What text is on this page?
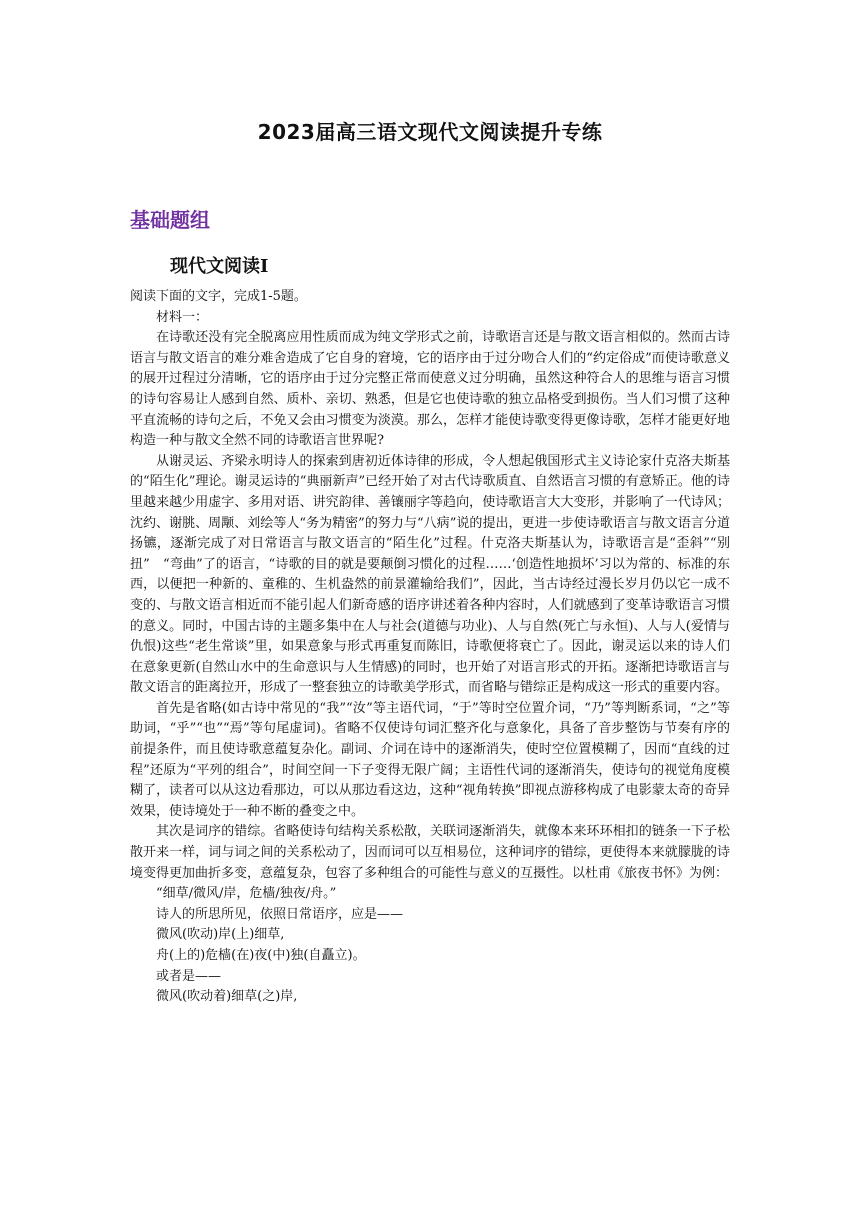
2023届高三语文现代文阅读提升专练
基础题组
现代文阅读Ⅰ

阅读下面的文字，完成1-5题。

材料一：

在诗歌还没有完全脱离应用性质而成为纯文学形式之前，诗歌语言还是与散文语言相似的。然而古诗语言与散文语言的难分难舍造成了它自身的窘境，它的语序由于过分吻合人们的“约定俗成”而使诗歌意义的展开过程过分清晰，它的语序由于过分完整正常而使意义过分明确，虽然这种符合人的思维与语言习惯的诗句容易让人感到自然、质朴、亲切、熟悉，但是它也使诗歌的独立品格受到损伤。当人们习惯了这种平直流畅的诗句之后，不免又会由习惯变为淡漠。那么，怎样才能使诗歌变得更像诗歌，怎样才能更好地构造一种与散文全然不同的诗歌语言世界呢?

从谢灵运、齐梁永明诗人的探索到唐初近体诗律的形成，令人想起俄国形式主义诗论家什克洛夫斯基的“陌生化”理论。谢灵运诗的“典丽新声”已经开始了对古代诗歌质直、自然语言习惯的有意矫正。他的诗里越来越少用虚字、多用对语、讲究韵律、善镶丽字等趋向，使诗歌语言大大变形，并影响了一代诗风；沈约、谢朓、周颙、刘绘等人“务为精密”的努力与“八病”说的提出，更进一步使诗歌语言与散文语言分道扬镳，逐渐完成了对日常语言与散文语言的“陌生化”过程。什克洛夫斯基认为，诗歌语言是“歪斜”“别扭”　“弯曲”了的语言，“诗歌的目的就是要颠倒习惯化的过程……‘创造性地损坏’习以为常的、标准的东西，以便把一种新的、童稚的、生机盎然的前景灌输给我们”，因此，当古诗经过漫长岁月仍以它一成不变的、与散文语言相近而不能引起人们新奇感的语序讲述着各种内容时，人们就感到了变革诗歌语言习惯的意义。同时，中国古诗的主题多集中在人与社会(道德与功业)、人与自然(死亡与永恒)、人与人(爱情与仇恨)这些“老生常谈”里，如果意象与形式再重复而陈旧，诗歌便将衰亡了。因此，谢灵运以来的诗人们在意象更新(自然山水中的生命意识与人生情感)的同时，也开始了对语言形式的开拓。逐渐把诗歌语言与散文语言的距离拉开，形成了一整套独立的诗歌美学形式，而省略与错综正是构成这一形式的重要内容。

首先是省略(如古诗中常见的“我”“汝”等主语代词，“于”等时空位置介词，“乃”等判断系词，“之”等助词，“乎”“也”“焉”等句尾虚词)。省略不仅使诗句词汇整齐化与意象化，具备了音步整饬与节奏有序的前提条件，而且使诗歌意蕴复杂化。副词、介词在诗中的逐渐消失，使时空位置模糊了，因而“直线的过程”还原为“平列的组合”，时间空间一下子变得无限广阔；主语性代词的逐渐消失，使诗句的视觉角度模糊了，读者可以从这边看那边，可以从那边看这边，这种“视角转换”即视点游移构成了电影蒙太奇的奇异效果，使诗境处于一种不断的叠变之中。

其次是词序的错综。省略使诗句结构关系松散，关联词逐渐消失，就像本来环环相扣的链条一下子松散开来一样，词与词之间的关系松动了，因而词可以互相易位，这种词序的错综，更使得本来就朦胧的诗境变得更加曲折多变，意蕴复杂，包容了多种组合的可能性与意义的互摄性。以杜甫《旅夜书怀》为例：

“细草/微风/岸，危樯/独夜/舟。”

诗人的所思所见，依照日常语序，应是——

微风(吹动)岸(上)细草,

舟(上的)危樯(在)夜(中)独(自矗立)。

或者是——

微风(吹动着)细草(之)岸,
